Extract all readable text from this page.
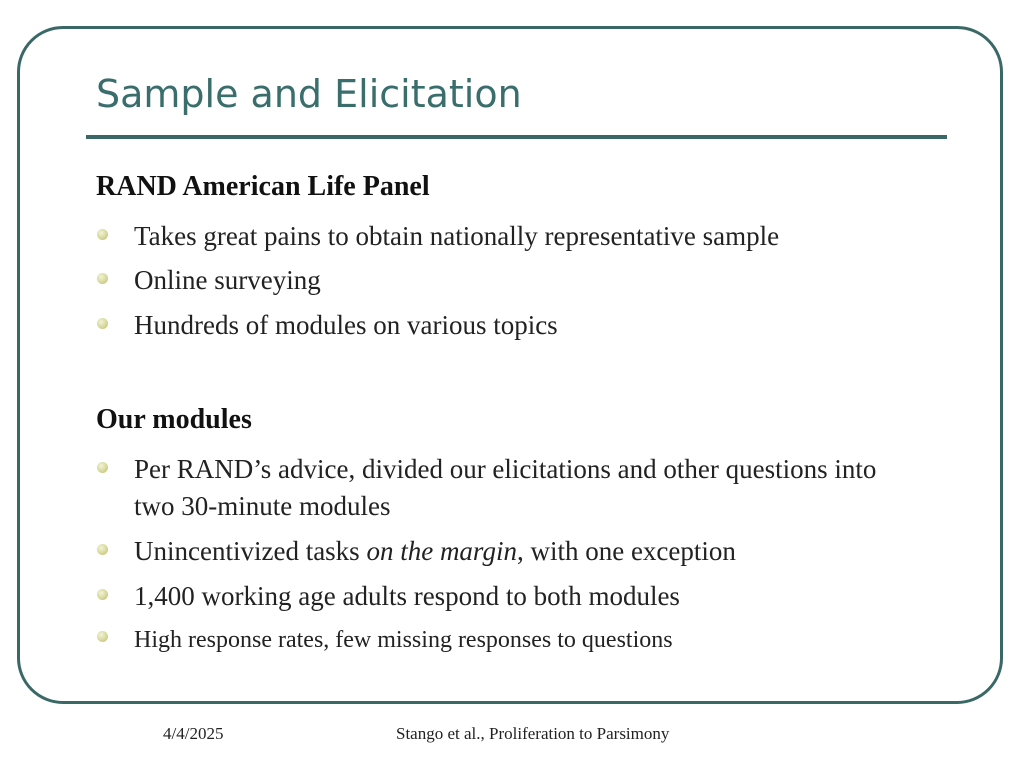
Sample and Elicitation
RAND American Life Panel
Takes great pains to obtain nationally representative sample
Online surveying
Hundreds of modules on various topics
Our modules
Per RAND’s advice, divided our elicitations and other questions into two 30-minute modules
Unincentivized tasks on the margin, with one exception
1,400 working age adults respond to both modules
High response rates, few missing responses to questions
4/4/2025	Stango et al., Proliferation to Parsimony
